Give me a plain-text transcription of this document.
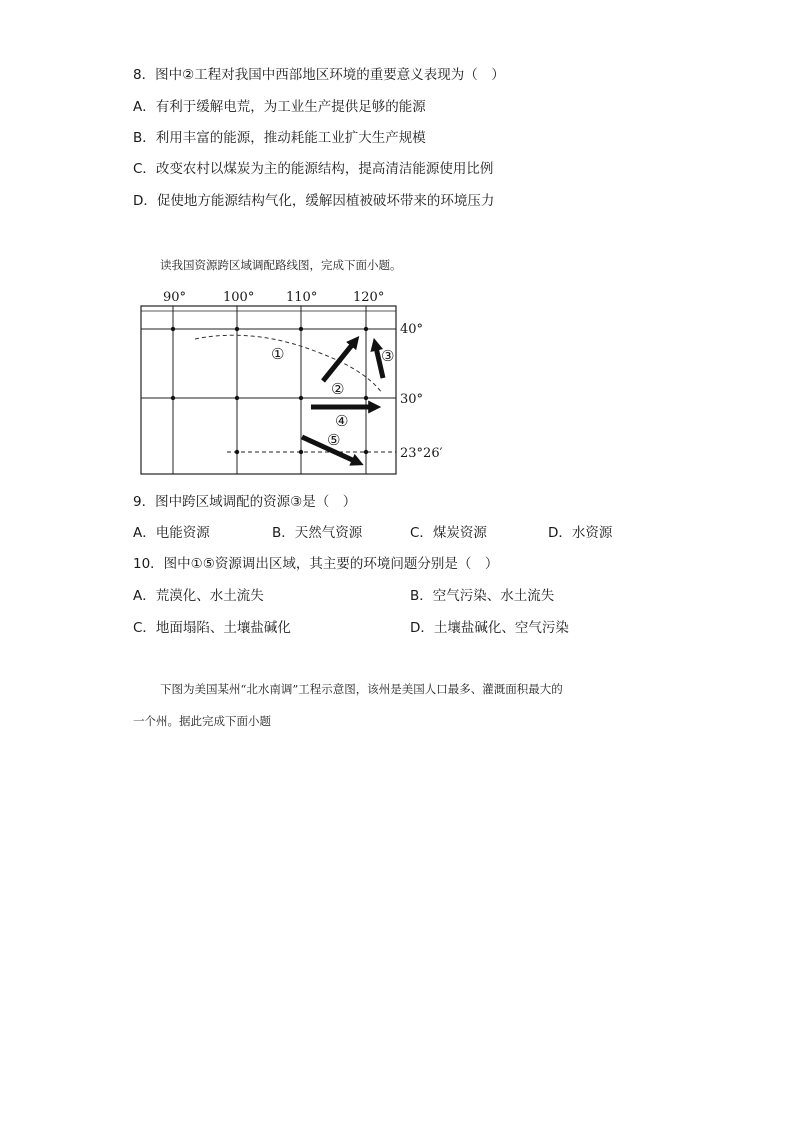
8．图中②工程对我国中西部地区环境的重要意义表现为（　）
A．有利于缓解电荒，为工业生产提供足够的能源
B．利用丰富的能源，推动耗能工业扩大生产规模
C．改变农村以煤炭为主的能源结构，提高清洁能源使用比例
D．促使地方能源结构气化，缓解因植被破坏带来的环境压力
读我国资源跨区域调配路线图，完成下面小题。
90°	100° 110°	120°
40°
30°
23°26′
①
②
③
④
⑤
9．图中跨区域调配的资源③是（　）
A．电能资源	B．天然气资源	C．煤炭资源	D．水资源
10．图中①⑤资源调出区域，其主要的环境问题分别是（　）
A．荒漠化、水土流失	B．空气污染、水土流失
C．地面塌陷、土壤盐碱化	D．土壤盐碱化、空气污染
下图为美国某州“北水南调”工程示意图，该州是美国人口最多、灌溉面积最大的
一个州。据此完成下面小题
